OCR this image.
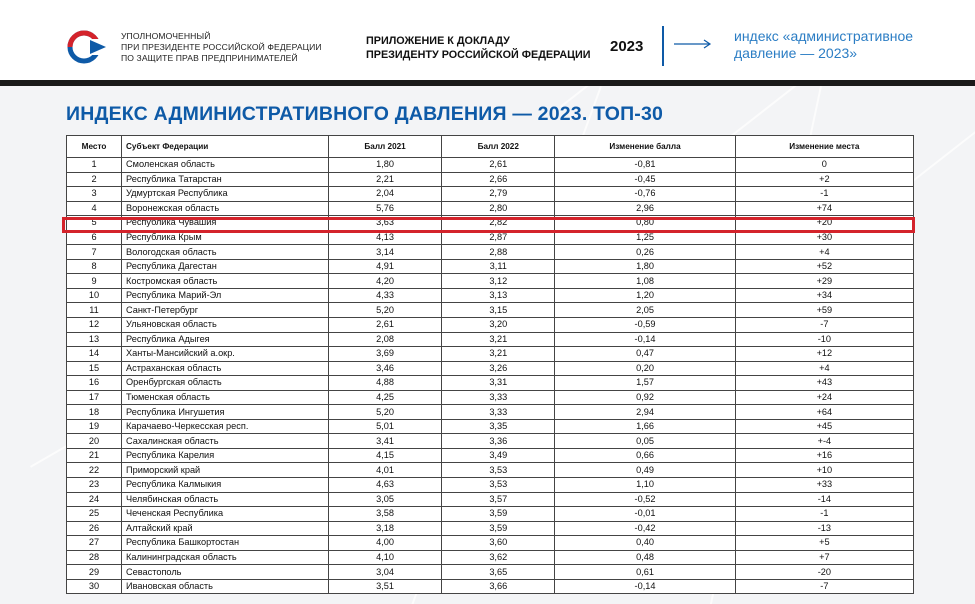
УПОЛНОМОЧЕННЫЙ
ПРИ ПРЕЗИДЕНТЕ РОССИЙСКОЙ ФЕДЕРАЦИИ
ПО ЗАЩИТЕ ПРАВ ПРЕДПРИНИМАТЕЛЕЙ
ПРИЛОЖЕНИЕ К ДОКЛАДУ
ПРЕЗИДЕНТУ РОССИЙСКОЙ ФЕДЕРАЦИИ 2023
индекс «административное
давление — 2023»
ИНДЕКС АДМИНИСТРАТИВНОГО ДАВЛЕНИЯ — 2023. ТОП-30
Место	Субъект Федерации	Балл 2021	Балл 2022	Изменение балла	Изменение места
1	Смоленская область	1,80	2,61	-0,81	0
2	Республика Татарстан	2,21	2,66	-0,45	+2
3	Удмуртская Республика	2,04	2,79	-0,76	-1
4	Воронежская область	5,76	2,80	2,96	+74
5	Республика Чувашия	3,63	2,82	0,80	+20
6	Республика Крым	4,13	2,87	1,25	+30
7	Вологодская область	3,14	2,88	0,26	+4
8	Республика Дагестан	4,91	3,11	1,80	+52
9	Костромская область	4,20	3,12	1,08	+29
10	Республика Марий-Эл	4,33	3,13	1,20	+34
11	Санкт-Петербург	5,20	3,15	2,05	+59
12	Ульяновская область	2,61	3,20	-0,59	-7
13	Республика Адыгея	2,08	3,21	-0,14	-10
14	Ханты-Мансийский а.окр.	3,69	3,21	0,47	+12
15	Астраханская область	3,46	3,26	0,20	+4
16	Оренбургская область	4,88	3,31	1,57	+43
17	Тюменская область	4,25	3,33	0,92	+24
18	Республика Ингушетия	5,20	3,33	2,94	+64
19	Карачаево-Черкесская респ.	5,01	3,35	1,66	+45
20	Сахалинская область	3,41	3,36	0,05	+-4
21	Республика Карелия	4,15	3,49	0,66	+16
22	Приморский край	4,01	3,53	0,49	+10
23	Республика Калмыкия	4,63	3,53	1,10	+33
24	Челябинская область	3,05	3,57	-0,52	-14
25	Чеченская Республика	3,58	3,59	-0,01	-1
26	Алтайский край	3,18	3,59	-0,42	-13
27	Республика Башкортостан	4,00	3,60	0,40	+5
28	Калининградская область	4,10	3,62	0,48	+7
29	Севастополь	3,04	3,65	0,61	-20
30	Ивановская область	3,51	3,66	-0,14	-7
